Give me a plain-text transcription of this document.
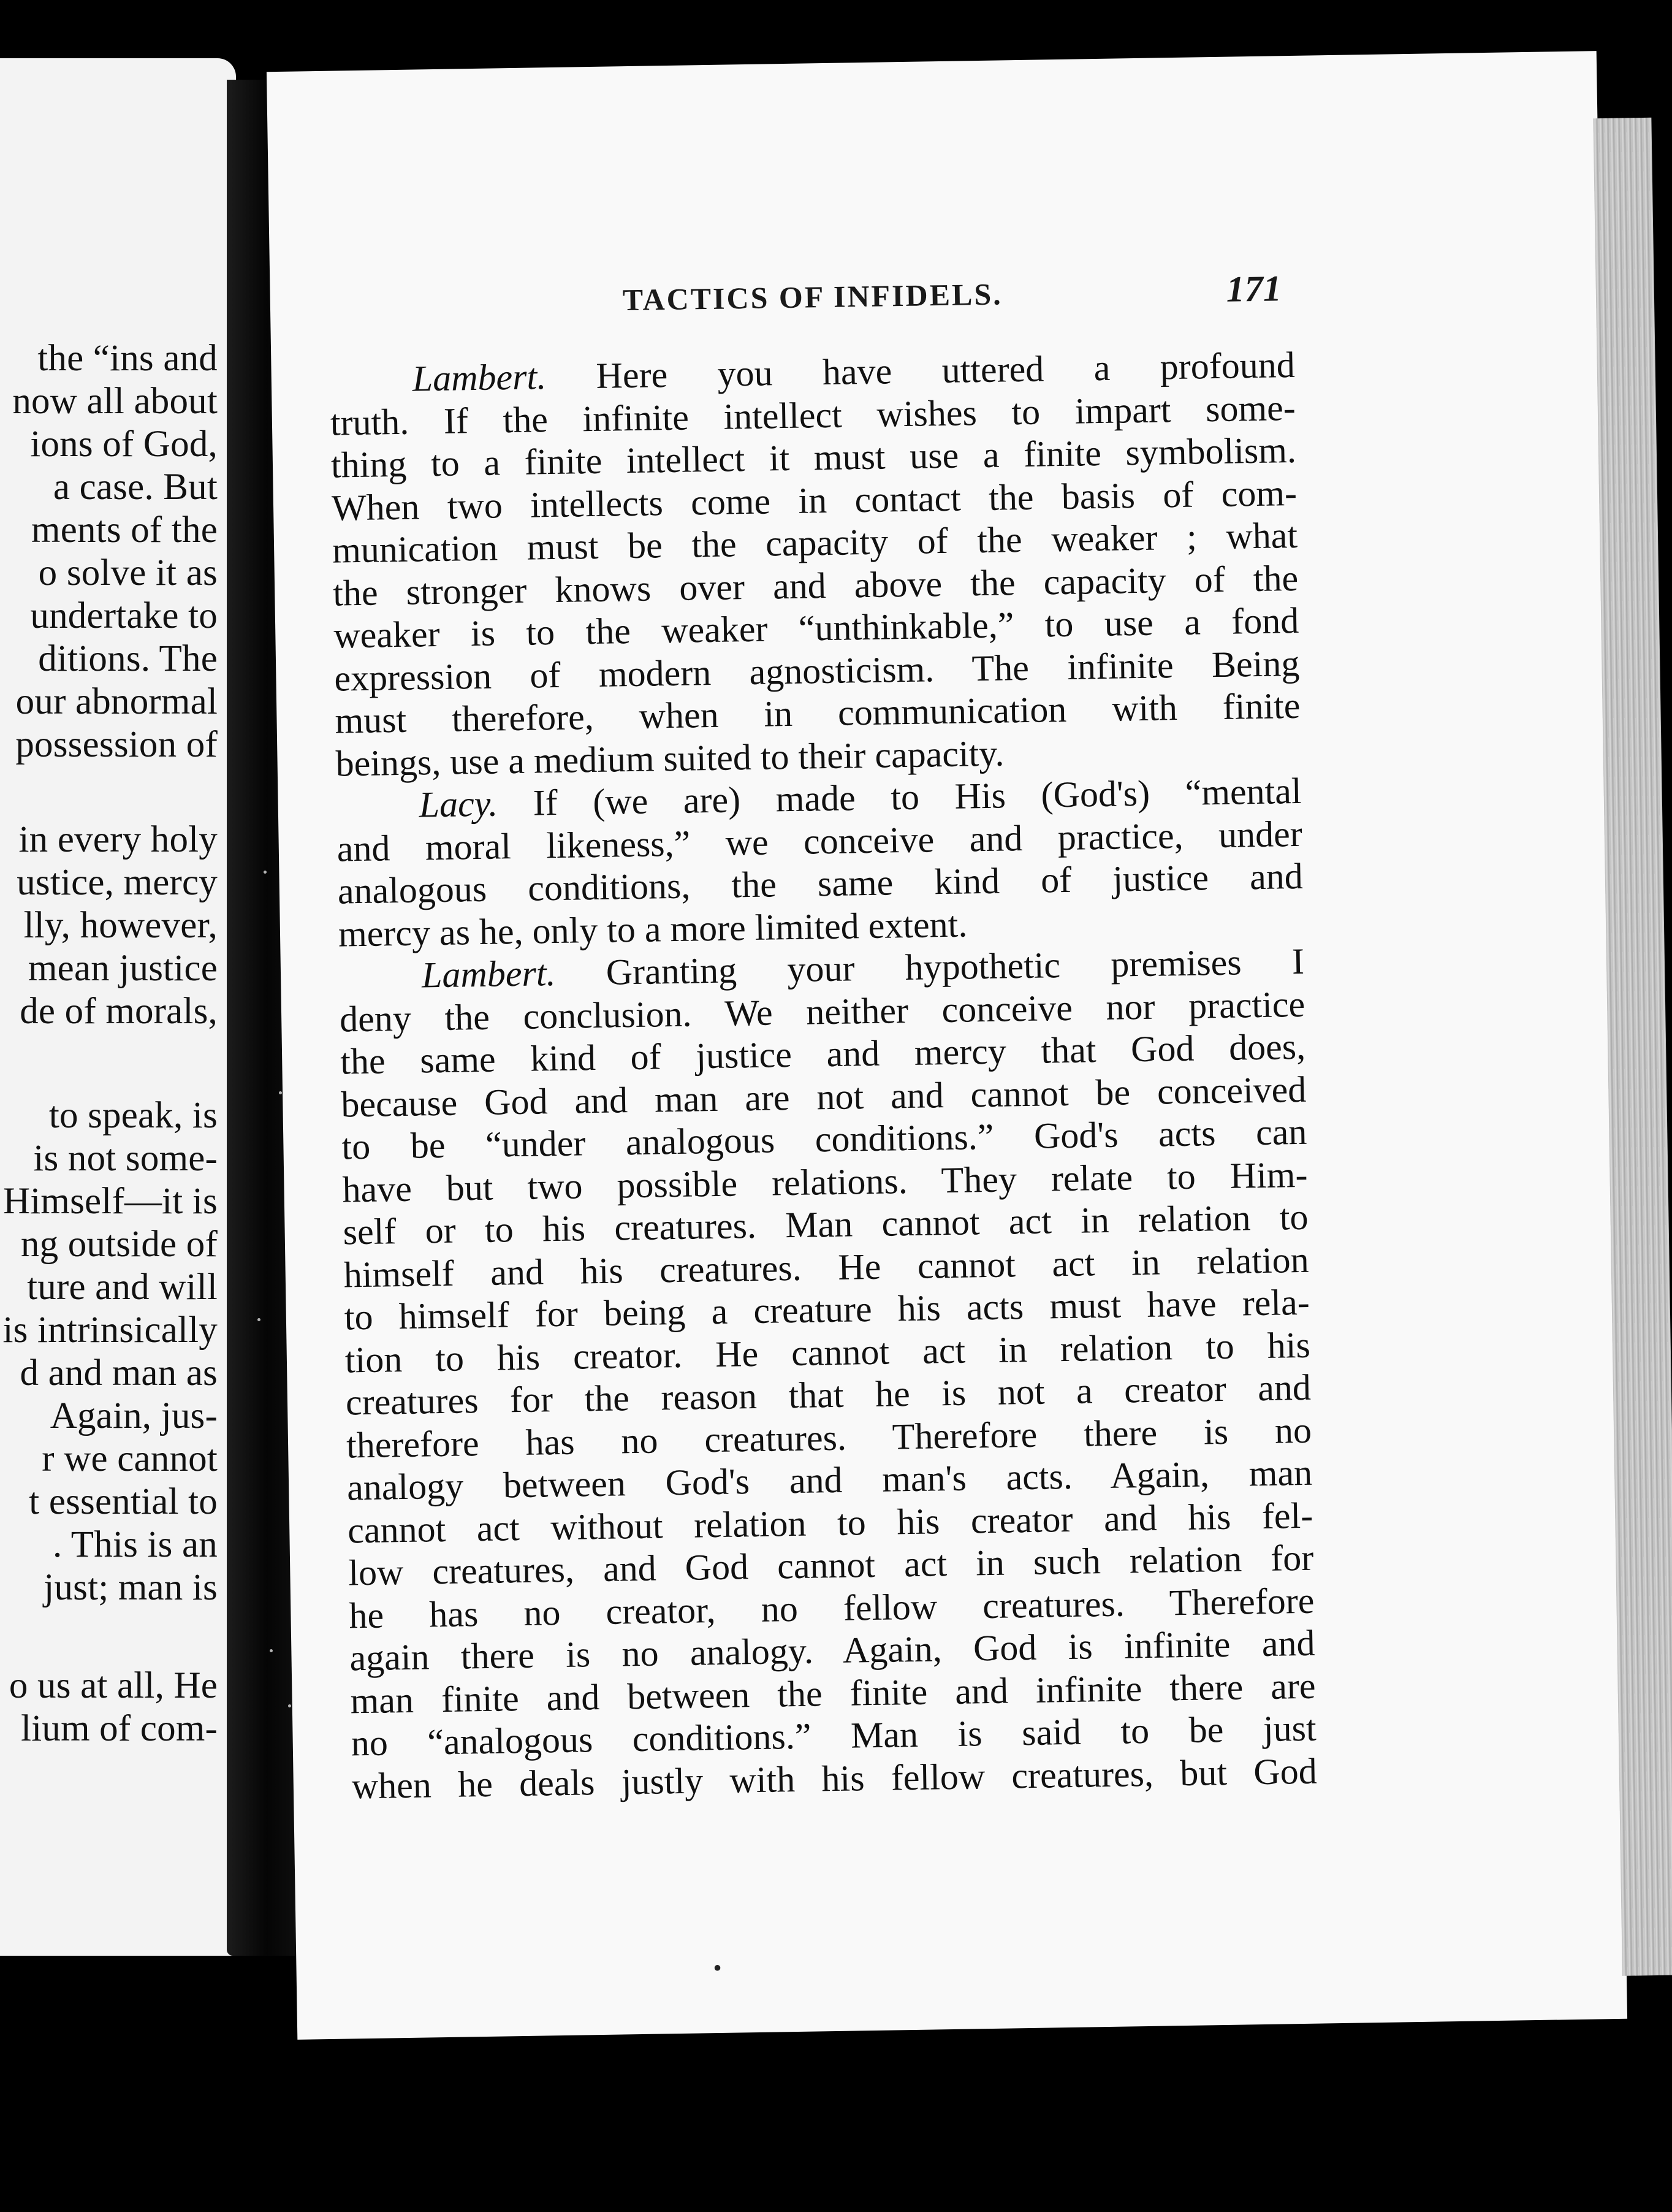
the “ins and
now all about
ions of God,
a case. But
ments of the
o solve it as
undertake to
ditions. The
our abnormal
possession of
in every holy
ustice, mercy
lly, however,
mean justice
de of morals,
to speak, is
is not some-
Himself—it is
ng outside of
ture and will
is intrinsically
d and man as
Again, jus-
r we cannot
t essential to
. This is an
just; man is
o us at all, He
lium of com-
TACTICS OF INFIDELS.	171
Lambert. Here you have uttered a profound
truth. If the infinite intellect wishes to impart some-
thing to a finite intellect it must use a finite symbolism.
When two intellects come in contact the basis of com-
munication must be the capacity of the weaker ; what
the stronger knows over and above the capacity of the
weaker is to the weaker “unthinkable,” to use a fond
expression of modern agnosticism. The infinite Being
must therefore, when in communication with finite
beings, use a medium suited to their capacity.
Lacy. If (we are) made to His (God's) “mental
and moral likeness,” we conceive and practice, under
analogous conditions, the same kind of justice and
mercy as he, only to a more limited extent.
Lambert. Granting your hypothetic premises I
deny the conclusion. We neither conceive nor practice
the same kind of justice and mercy that God does,
because God and man are not and cannot be conceived
to be “under analogous conditions.” God's acts can
have but two possible relations. They relate to Him-
self or to his creatures. Man cannot act in relation to
himself and his creatures. He cannot act in relation
to himself for being a creature his acts must have rela-
tion to his creator. He cannot act in relation to his
creatures for the reason that he is not a creator and
therefore has no creatures. Therefore there is no
analogy between God's and man's acts. Again, man
cannot act without relation to his creator and his fel-
low creatures, and God cannot act in such relation for
he has no creator, no fellow creatures. Therefore
again there is no analogy. Again, God is infinite and
man finite and between the finite and infinite there are
no “analogous conditions.” Man is said to be just
when he deals justly with his fellow creatures, but God
•
